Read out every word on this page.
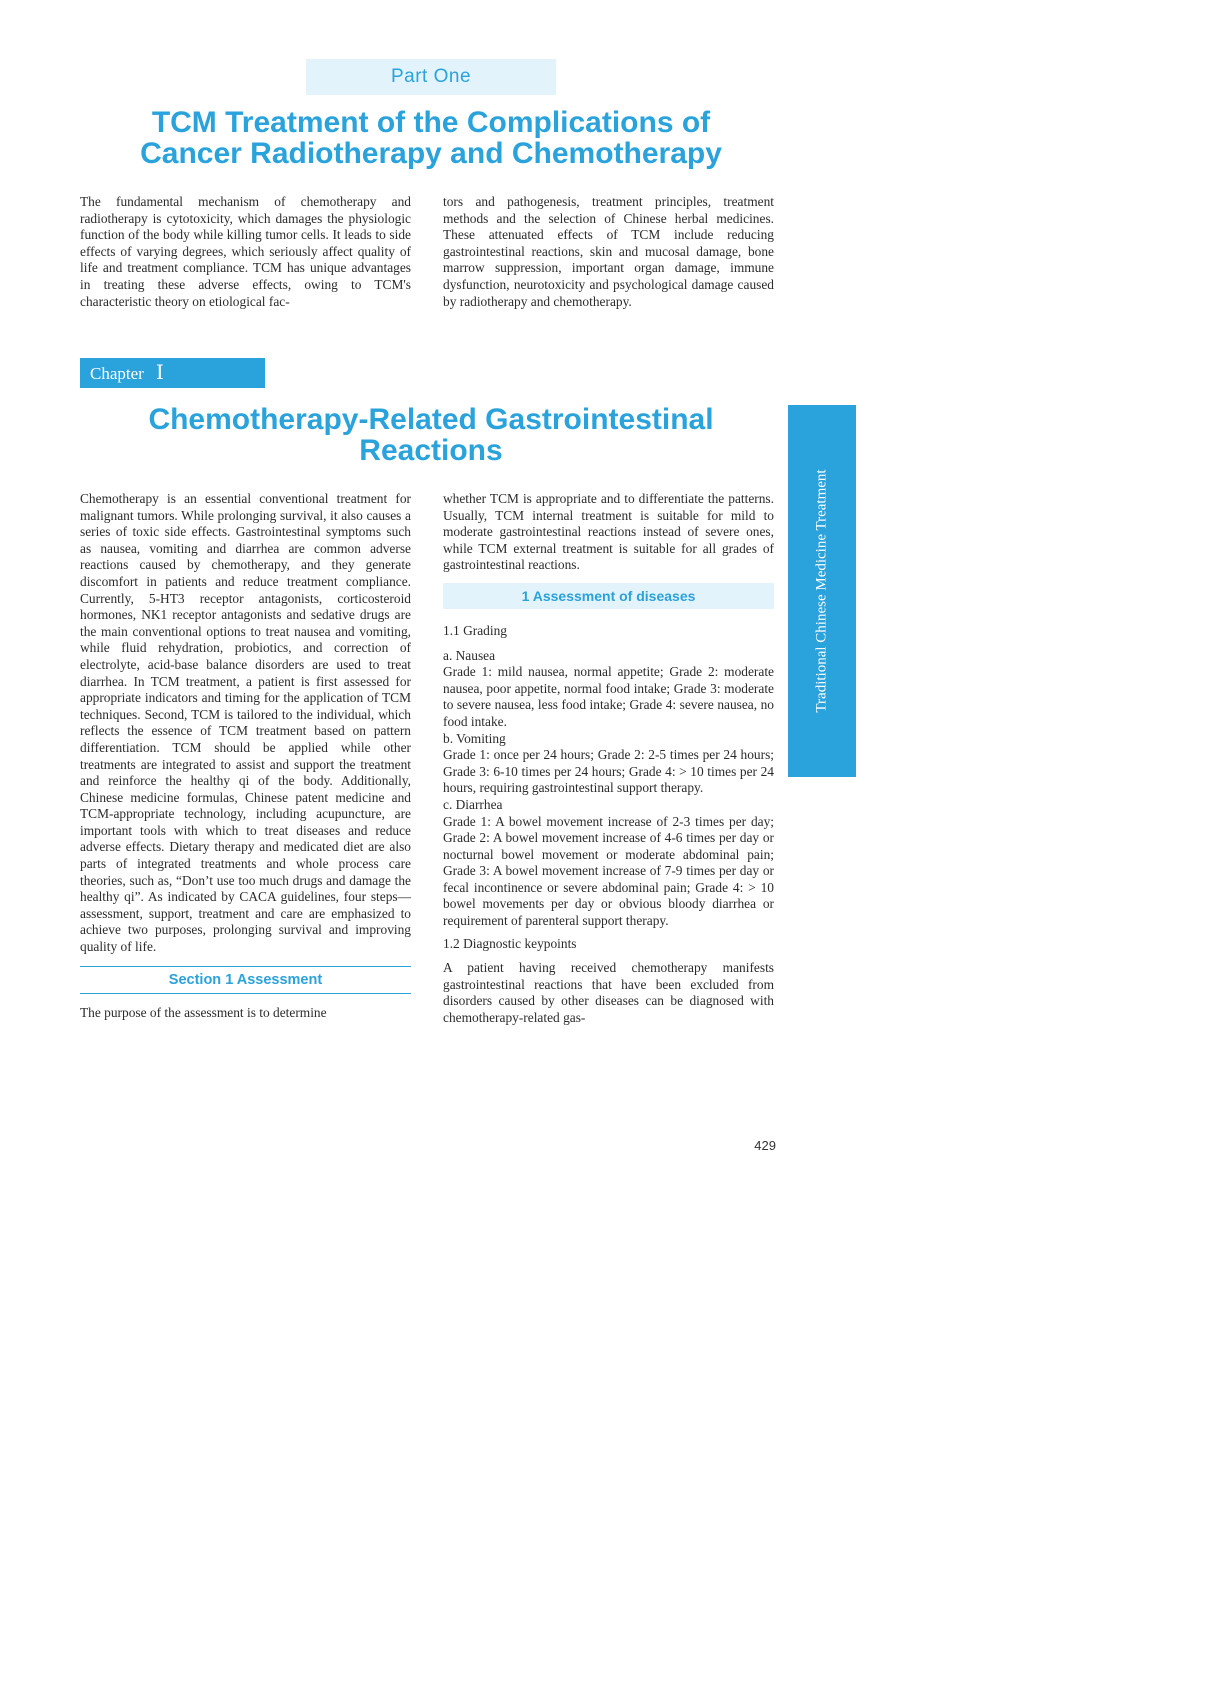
Part One
TCM Treatment of the Complications of
Cancer Radiotherapy and Chemotherapy

The fundamental mechanism of chemotherapy and radiotherapy is cytotoxicity, which damages the physiologic function of the body while killing tumor cells. It leads to side effects of varying degrees, which seriously affect quality of life and treatment compliance. TCM has unique advantages in treating these adverse effects, owing to TCM's characteristic theory on etiological fac-

tors and pathogenesis, treatment principles, treatment methods and the selection of Chinese herbal medicines. These attenuated effects of TCM include reducing gastrointestinal reactions, skin and mucosal damage, bone marrow suppression, important organ damage, immune dysfunction, neurotoxicity and psychological damage caused by radiotherapy and chemotherapy.

Chapter Ⅰ
Chemotherapy-Related Gastrointestinal
Reactions
Traditional Chinese Medicine Treatment

Chemotherapy is an essential conventional treatment for malignant tumors. While prolonging survival, it also causes a series of toxic side effects. Gastrointestinal symptoms such as nausea, vomiting and diarrhea are common adverse reactions caused by chemotherapy, and they generate discomfort in patients and reduce treatment compliance. Currently, 5-HT3 receptor antagonists, corticosteroid hormones, NK1 receptor antagonists and sedative drugs are the main conventional options to treat nausea and vomiting, while fluid rehydration, probiotics, and correction of electrolyte, acid-base balance disorders are used to treat diarrhea. In TCM treatment, a patient is first assessed for appropriate indicators and timing for the application of TCM techniques. Second, TCM is tailored to the individual, which reflects the essence of TCM treatment based on pattern differentiation. TCM should be applied while other treatments are integrated to assist and support the treatment and reinforce the healthy qi of the body. Additionally, Chinese medicine formulas, Chinese patent medicine and TCM-appropriate technology, including acupuncture, are important tools with which to treat diseases and reduce adverse effects. Dietary therapy and medicated diet are also parts of integrated treatments and whole process care theories, such as, “Don’t use too much drugs and damage the healthy qi”. As indicated by CACA guidelines, four steps—assessment, support, treatment and care are emphasized to achieve two purposes, prolonging survival and improving quality of life.

Section 1 Assessment

The purpose of the assessment is to determine

whether TCM is appropriate and to differentiate the patterns. Usually, TCM internal treatment is suitable for mild to moderate gastrointestinal reactions instead of severe ones, while TCM external treatment is suitable for all grades of gastrointestinal reactions.

1 Assessment of diseases

1.1 Grading

a. Nausea

Grade 1: mild nausea, normal appetite; Grade 2: moderate nausea, poor appetite, normal food intake; Grade 3: moderate to severe nausea, less food intake; Grade 4: severe nausea, no food intake.

b. Vomiting

Grade 1: once per 24 hours; Grade 2: 2-5 times per 24 hours; Grade 3: 6-10 times per 24 hours; Grade 4: > 10 times per 24 hours, requiring gastrointestinal support therapy.

c. Diarrhea

Grade 1: A bowel movement increase of 2-3 times per day; Grade 2: A bowel movement increase of 4-6 times per day or nocturnal bowel movement or moderate abdominal pain; Grade 3: A bowel movement increase of 7-9 times per day or fecal incontinence or severe abdominal pain; Grade 4: > 10 bowel movements per day or obvious bloody diarrhea or requirement of parenteral support therapy.

1.2 Diagnostic keypoints

A patient having received chemotherapy manifests gastrointestinal reactions that have been excluded from disorders caused by other diseases can be diagnosed with chemotherapy-related gas-

429
